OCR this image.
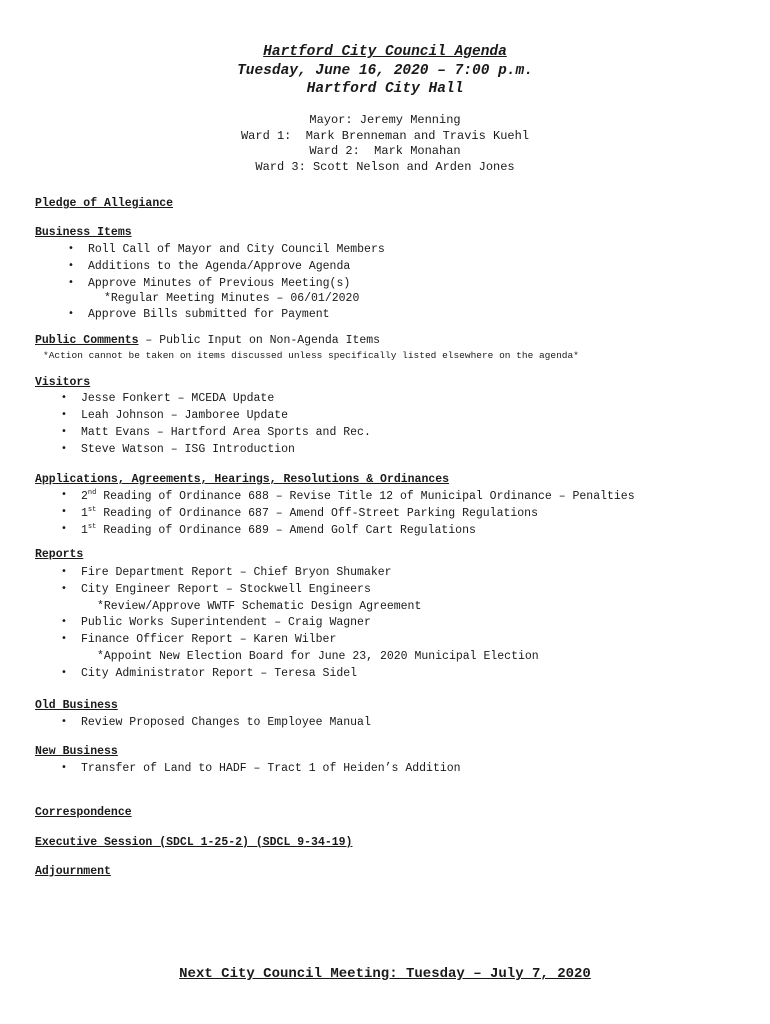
Hartford City Council Agenda
Tuesday, June 16, 2020 – 7:00 p.m.
Hartford City Hall
Mayor: Jeremy Menning
Ward 1:  Mark Brenneman and Travis Kuehl
Ward 2:  Mark Monahan
Ward 3: Scott Nelson and Arden Jones
Pledge of Allegiance
Business Items
• Roll Call of Mayor and City Council Members
• Additions to the Agenda/Approve Agenda
• Approve Minutes of Previous Meeting(s)
*Regular Meeting Minutes – 06/01/2020
• Approve Bills submitted for Payment
Public Comments – Public Input on Non-Agenda Items
*Action cannot be taken on items discussed unless specifically listed elsewhere on the agenda*
Visitors
• Jesse Fonkert – MCEDA Update
• Leah Johnson – Jamboree Update
• Matt Evans – Hartford Area Sports and Rec.
• Steve Watson – ISG Introduction
Applications, Agreements, Hearings, Resolutions & Ordinances
• 2nd Reading of Ordinance 688 – Revise Title 12 of Municipal Ordinance – Penalties
• 1st Reading of Ordinance 687 – Amend Off-Street Parking Regulations
• 1st Reading of Ordinance 689 – Amend Golf Cart Regulations
Reports
• Fire Department Report – Chief Bryon Shumaker
• City Engineer Report – Stockwell Engineers
*Review/Approve WWTF Schematic Design Agreement
• Public Works Superintendent – Craig Wagner
• Finance Officer Report – Karen Wilber
*Appoint New Election Board for June 23, 2020 Municipal Election
• City Administrator Report – Teresa Sidel
Old Business
• Review Proposed Changes to Employee Manual
New Business
• Transfer of Land to HADF – Tract 1 of Heiden’s Addition
Correspondence
Executive Session (SDCL 1-25-2) (SDCL 9-34-19)
Adjournment
Next City Council Meeting: Tuesday – July 7, 2020
